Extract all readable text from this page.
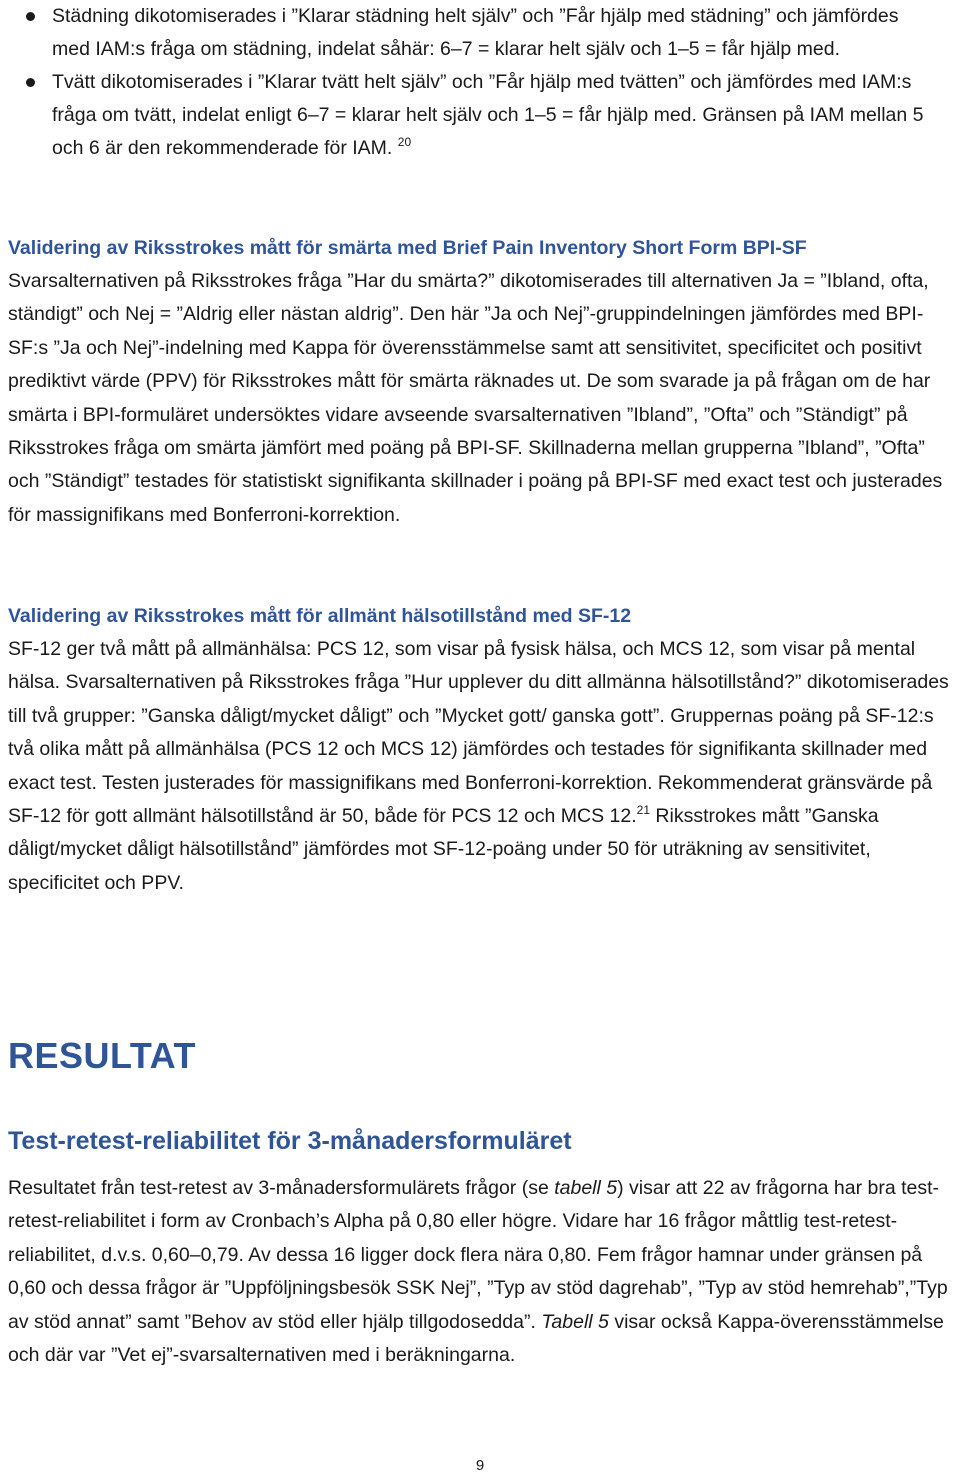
Städning dikotomiserades i ”Klarar städning helt själv” och ”Får hjälp med städning” och jämfördes med IAM:s fråga om städning, indelat såhär: 6–7 = klarar helt själv och 1–5 = får hjälp med.
Tvätt dikotomiserades i ”Klarar tvätt helt själv” och ”Får hjälp med tvätten” och jämfördes med IAM:s fråga om tvätt, indelat enligt 6–7 = klarar helt själv och 1–5 = får hjälp med. Gränsen på IAM mellan 5 och 6 är den rekommenderade för IAM. $^{20}$
Validering av Riksstrokes mått för smärta med Brief Pain Inventory Short Form BPI-SF

Svarsalternativen på Riksstrokes fråga ”Har du smärta?” dikotomiserades till alternativen Ja = ”Ibland, ofta, ständigt” och Nej = ”Aldrig eller nästan aldrig”. Den här ”Ja och Nej”-gruppindelningen jämfördes med BPI-SF:s ”Ja och Nej”-indelning med Kappa för överensstämmelse samt att sensitivitet, specificitet och positivt prediktivt värde (PPV) för Riksstrokes mått för smärta räknades ut. De som svarade ja på frågan om de har smärta i BPI-formuläret undersöktes vidare avseende svarsalternativen ”Ibland”, ”Ofta” och ”Ständigt” på Riksstrokes fråga om smärta jämfört med poäng på BPI-SF. Skillnaderna mellan grupperna ”Ibland”, ”Ofta” och ”Ständigt” testades för statistiskt signifikanta skillnader i poäng på BPI-SF med exact test och justerades för massignifikans med Bonferroni-korrektion.

Validering av Riksstrokes mått för allmänt hälsotillstånd med SF-12

SF-12 ger två mått på allmänhälsa: PCS 12, som visar på fysisk hälsa, och MCS 12, som visar på mental hälsa. Svarsalternativen på Riksstrokes fråga ”Hur upplever du ditt allmänna hälsotillstånd?” dikotomiserades till två grupper: ”Ganska dåligt/mycket dåligt” och ”Mycket gott/ ganska gott”. Gruppernas poäng på SF-12:s två olika mått på allmänhälsa (PCS 12 och MCS 12) jämfördes och testades för signifikanta skillnader med exact test. Testen justerades för massignifikans med Bonferroni-korrektion. Rekommenderat gränsvärde på SF-12 för gott allmänt hälsotillstånd är 50, både för PCS 12 och MCS 12.21 Riksstrokes mått ”Ganska dåligt/mycket dåligt hälsotillstånd” jämfördes mot SF-12-poäng under 50 för uträkning av sensitivitet, specificitet och PPV.

RESULTAT
Test-retest-reliabilitet för 3-månadersformuläret

Resultatet från test-retest av 3-månadersformulärets frågor (se tabell 5) visar att 22 av frågorna har bra test-retest-reliabilitet i form av Cronbach’s Alpha på 0,80 eller högre. Vidare har 16 frågor måttlig test-retest-reliabilitet, d.v.s. 0,60–0,79. Av dessa 16 ligger dock flera nära 0,80. Fem frågor hamnar under gränsen på 0,60 och dessa frågor är ”Uppföljningsbesök SSK Nej”, ”Typ av stöd dagrehab”, ”Typ av stöd hemrehab”,”Typ av stöd annat” samt ”Behov av stöd eller hjälp tillgodosedda”. Tabell 5 visar också Kappa-överensstämmelse och där var ”Vet ej”-svarsalternativen med i beräkningarna.

9
